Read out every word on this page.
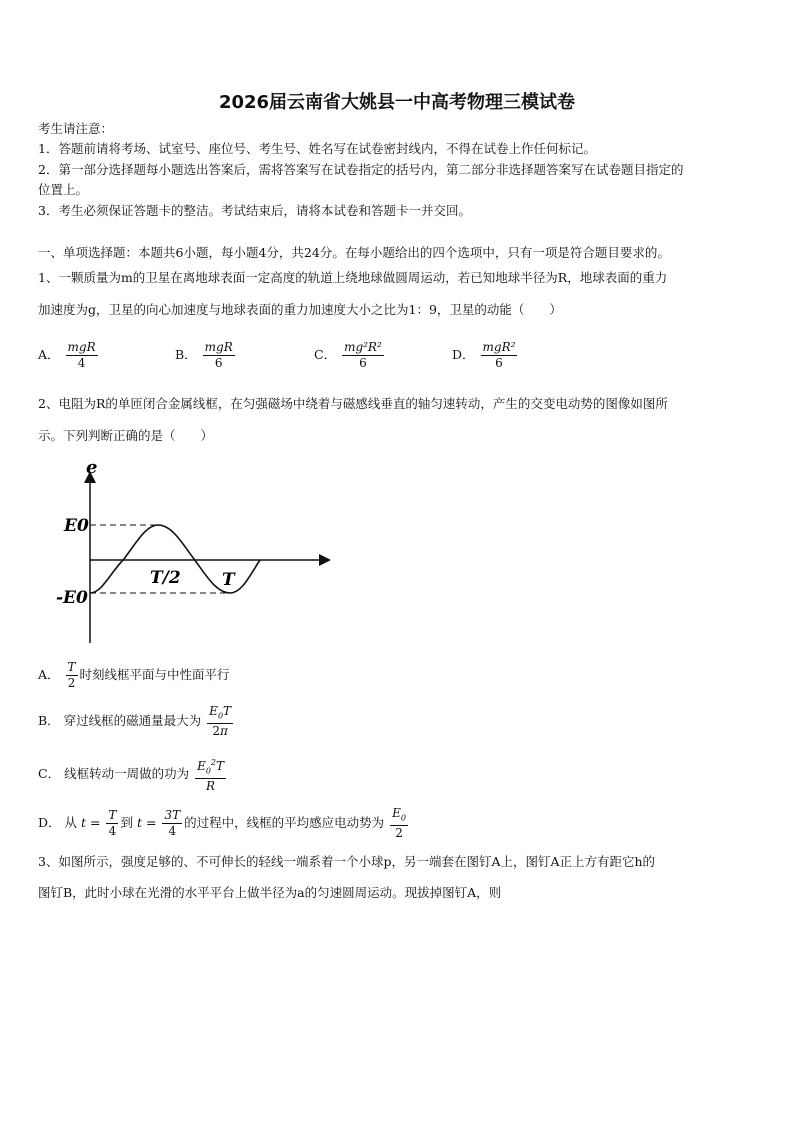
2026届云南省大姚县一中高考物理三模试卷
考生请注意：
1．答题前请将考场、试室号、座位号、考生号、姓名写在试卷密封线内，不得在试卷上作任何标记。
2．第一部分选择题每小题选出答案后，需将答案写在试卷指定的括号内，第二部分非选择题答案写在试卷题目指定的
位置上。
3．考生必须保证答题卡的整洁。考试结束后，请将本试卷和答题卡一并交回。
一、单项选择题：本题共6小题，每小题4分，共24分。在每小题给出的四个选项中，只有一项是符合题目要求的。
1、一颗质量为m的卫星在离地球表面一定高度的轨道上绕地球做圆周运动，若已知地球半径为R，地球表面的重力
加速度为g，卫星的向心加速度与地球表面的重力加速度大小之比为1：9，卫星的动能（　　）
A． $\frac{\text{mgR}}{4}$	B． $\frac{\text{mgR}}{6}$	C． $\frac{\text{mg²R²}}{6}$	D． $\frac{\text{mgR²}}{6}$
2、电阻为R的单匝闭合金属线框，在匀强磁场中绕着与磁感线垂直的轴匀速转动，产生的交变电动势的图像如图所
示。下列判断正确的是（　　）
e
E0
-E0
T/2 T
A． $\frac{T}{2}$ 时刻线框平面与中性面平行
B． 穿过线框的磁通量最大为 $\frac{E_0T}{2\pi}$
C． 线框转动一周做的功为 $\frac{E_0^2T}{R}$
D． 从 $t = \frac{T}{4}$ 到 $t = \frac{3T}{4}$ 的过程中，线框的平均感应电动势为 $\frac{E_0}{2}$
3、如图所示，强度足够的、不可伸长的轻线一端系着一个小球p，另一端套在图钉A上，图钉A正上方有距它h的
图钉B，此时小球在光滑的水平平台上做半径为a的匀速圆周运动。现拔掉图钉A，则
